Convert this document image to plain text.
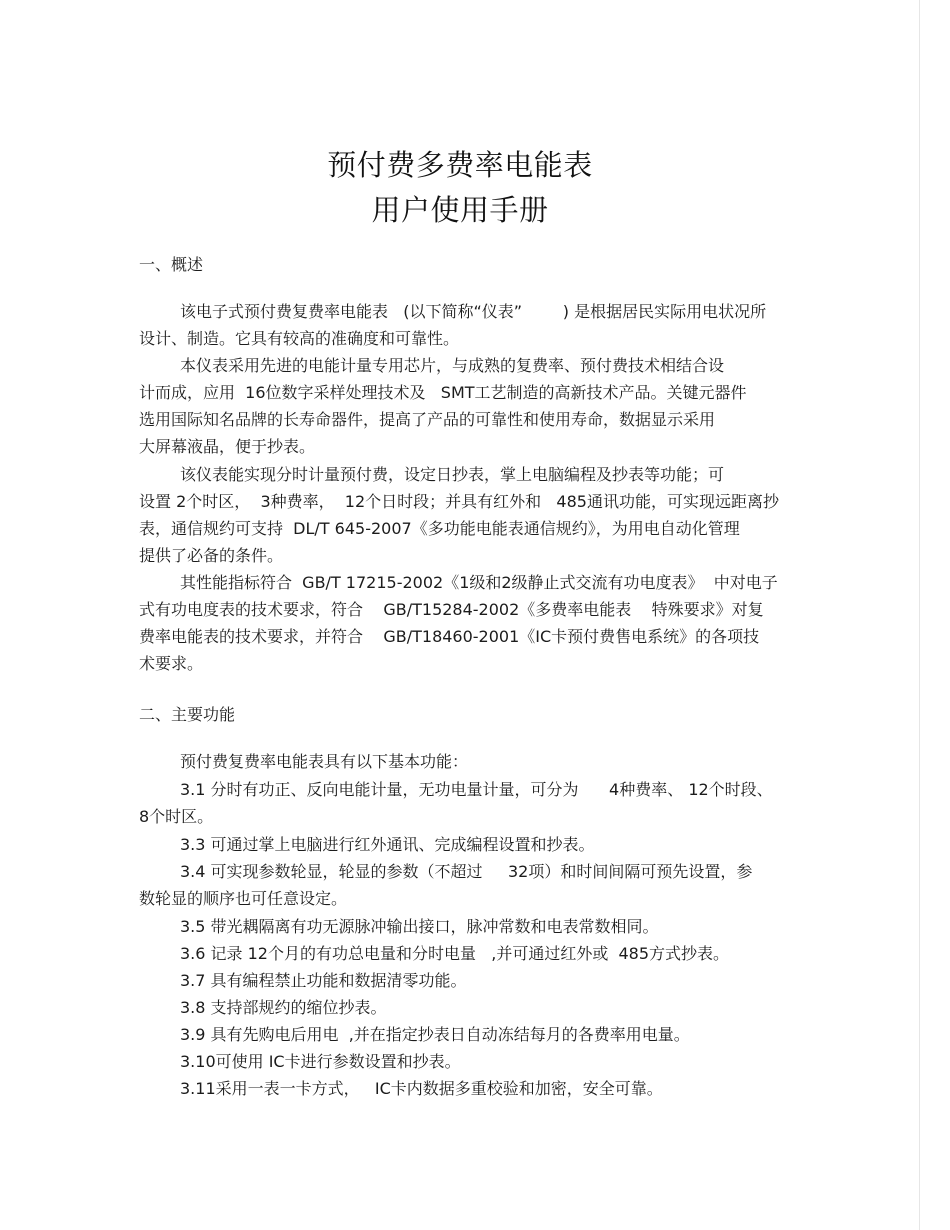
预付费多费率电能表
用户使用手册
一、概述
该电子式预付费复费率电能表   (以下简称“仪表”        ) 是根据居民实际用电状况所
设计、制造。它具有较高的准确度和可靠性。
本仪表采用先进的电能计量专用芯片，与成熟的复费率、预付费技术相结合设
计而成，应用  16位数字采样处理技术及   SMT工艺制造的高新技术产品。关键元器件
选用国际知名品牌的长寿命器件，提高了产品的可靠性和使用寿命，数据显示采用
大屏幕液晶，便于抄表。
该仪表能实现分时计量预付费，设定日抄表，掌上电脑编程及抄表等功能；可
设置 2个时区，  3种费率，  12个日时段；并具有红外和   485通讯功能，可实现远距离抄
表，通信规约可支持  DL/T 645-2007《多功能电能表通信规约》，为用电自动化管理
提供了必备的条件。
其性能指标符合  GB/T 17215-2002《1级和2级静止式交流有功电度表》  中对电子
式有功电度表的技术要求，符合    GB/T15284-2002《多费率电能表    特殊要求》对复
费率电能表的技术要求，并符合    GB/T18460-2001《IC卡预付费售电系统》的各项技
术要求。
二、主要功能
预付费复费率电能表具有以下基本功能：
3.1 分时有功正、反向电能计量，无功电量计量，可分为      4种费率、 12个时段、
8个时区。
3.3 可通过掌上电脑进行红外通讯、完成编程设置和抄表。
3.4 可实现参数轮显，轮显的参数（不超过     32项）和时间间隔可预先设置，参
数轮显的顺序也可任意设定。
3.5 带光耦隔离有功无源脉冲输出接口，脉冲常数和电表常数相同。
3.6 记录 12个月的有功总电量和分时电量   ,并可通过红外或  485方式抄表。
3.7 具有编程禁止功能和数据清零功能。
3.8 支持部规约的缩位抄表。
3.9 具有先购电后用电  ,并在指定抄表日自动冻结每月的各费率用电量。
3.10可使用 IC卡进行参数设置和抄表。
3.11采用一表一卡方式，   IC卡内数据多重校验和加密，安全可靠。
